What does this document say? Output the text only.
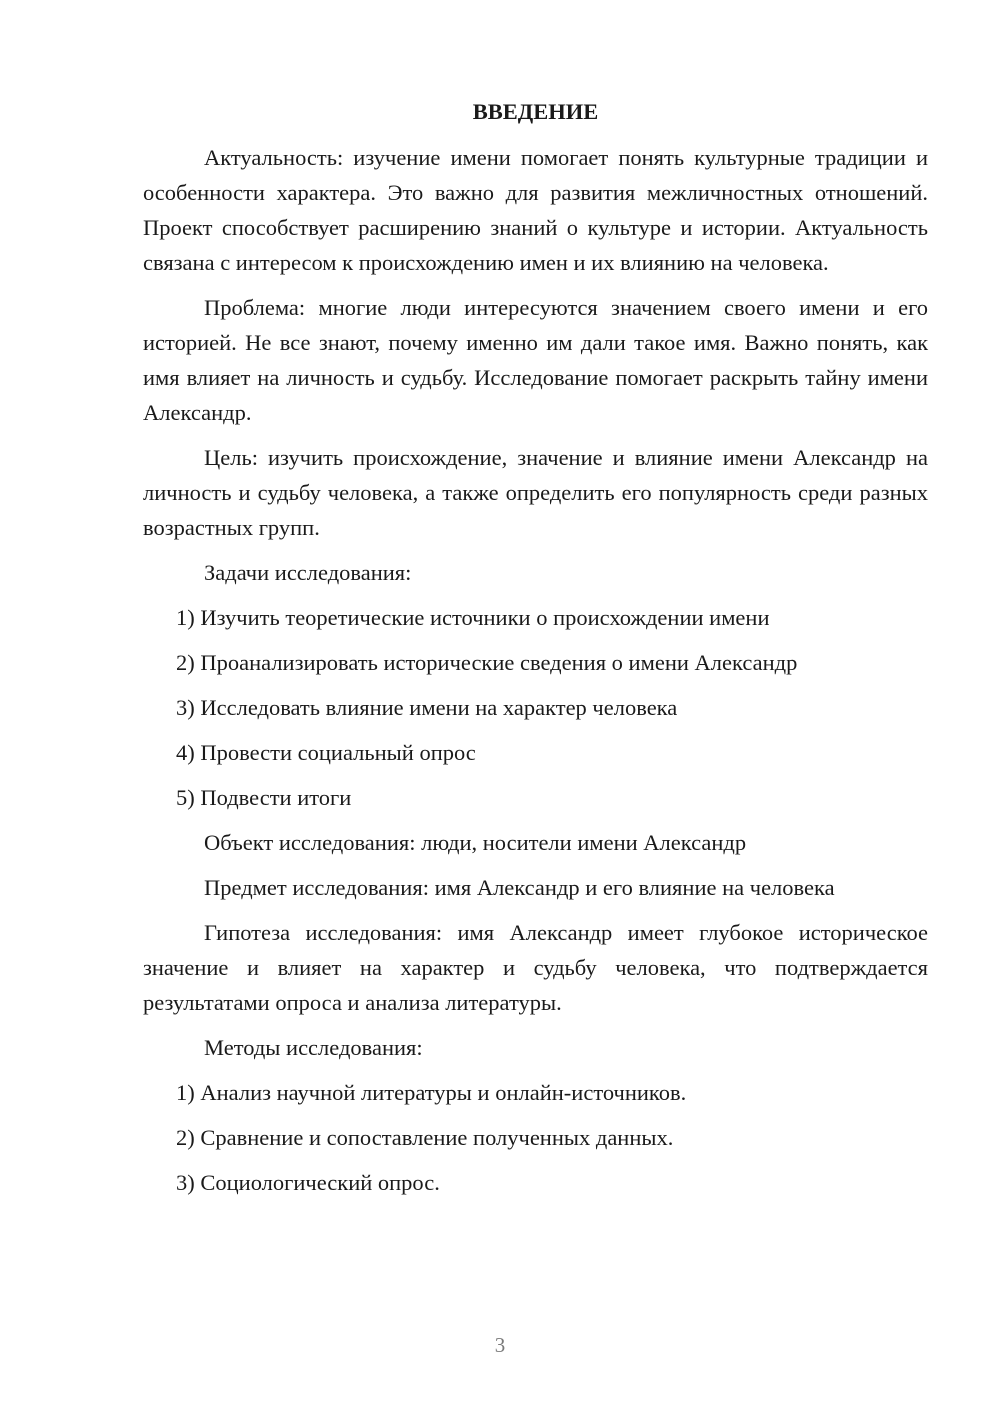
ВВЕДЕНИЕ

Актуальность: изучение имени помогает понять культурные традиции и особенности характера. Это важно для развития межличностных отношений. Проект способствует расширению знаний о культуре и истории. Актуальность связана с интересом к происхождению имен и их влиянию на человека.

Проблема: многие люди интересуются значением своего имени и его историей. Не все знают, почему именно им дали такое имя. Важно понять, как имя влияет на личность и судьбу. Исследование помогает раскрыть тайну имени Александр.

Цель: изучить происхождение, значение и влияние имени Александр на личность и судьбу человека, а также определить его популярность среди разных возрастных групп.

Задачи исследования:
1) Изучить теоретические источники о происхождении имени
2) Проанализировать исторические сведения о имени Александр
3) Исследовать влияние имени на характер человека
4) Провести социальный опрос
5) Подвести итоги
Объект исследования: люди, носители имени Александр
Предмет исследования: имя Александр и его влияние на человека

Гипотеза исследования: имя Александр имеет глубокое историческое значение и влияет на характер и судьбу человека, что подтверждается результатами опроса и анализа литературы.

Методы исследования:
1) Анализ научной литературы и онлайн-источников.
2) Сравнение и сопоставление полученных данных.
3) Социологический опрос.
3
